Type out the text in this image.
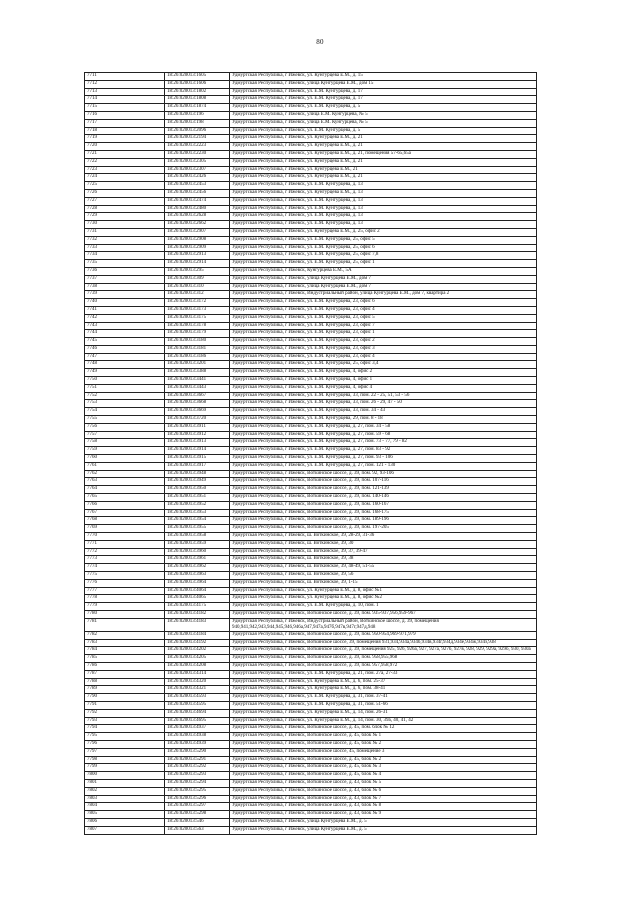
80
7711	18:26:020013:1605	Удмуртская Республика, г Ижевск, ул. Кунгурцева Е.М., д. 15
7712	18:26:020013:1606	Удмуртская Республика, г Ижевск, улица Кунгурцева Е.М., дом 15
7713	18:26:020013:1802	Удмуртская Республика, г Ижевск, ул. Е.М. Кунгурцева, д. 17
7714	18:26:020013:1808	Удмуртская Республика, г Ижевск, ул. Е.М. Кунгурцева, д. 17
7715	18:26:020013:1874	Удмуртская Республика, г Ижевск, ул. Е.М. Кунгурцева, д. 5
7716	18:26:020013:196	Удмуртская Республика, г Ижевск, улица Е.М. Кунгурцева, № 5
7717	18:26:020013:198	Удмуртская Республика, г Ижевск, улица Е.М. Кунгурцева, № 5
7718	18:26:020013:2096	Удмуртская Республика, г Ижевск, ул. Е.М. Кунгурцева, д. 5
7719	18:26:020013:2194	Удмуртская Республика, г Ижевск, ул. Кунгурцева Е.М., д. 21
7720	18:26:020013:2223	Удмуртская Республика, г Ижевск, ул. Кунгурцева Е.М., д. 21
7721	18:26:020013:2230	Удмуртская Республика, г Ижевск, ул. Кунгурцева Е.М., д. 21, помещения 57-65,65а
7722	18:26:020013:2305	Удмуртская Республика, г Ижевск, ул. Кунгурцева Е.М., д. 21
7723	18:26:020013:2307	Удмуртская Республика, г Ижевск, ул. Кунгурцева Е.М., 21
7724	18:26:020013:2426	Удмуртская Республика, г Ижевск, ул. Кунгурцева Е.М., д. 21
7725	18:26:020013:2453	Удмуртская Республика, г Ижевск, ул. Е.М. Кунгурцева, д. 13
7726	18:26:020013:2456	Удмуртская Республика, г Ижевск, ул. Кунгурцева Е.М., д. 13
7727	18:26:020013:2474	Удмуртская Республика, г Ижевск, ул. Е.М. Кунгурцева, д. 13
7728	18:26:020013:2480	Удмуртская Республика, г Ижевск, ул. Е.М. Кунгурцева, д. 13
7729	18:26:020013:2628	Удмуртская Республика, г Ижевск, ул. Е.М. Кунгурцева, д. 13
7730	18:26:020013:2662	Удмуртская Республика, г Ижевск, ул. Е.М. Кунгурцева, д. 13
7731	18:26:020013:2907	Удмуртская Республика, г Ижевск, ул. Кунгурцева Е.М., д. 25, офис 2
7732	18:26:020013:2908	Удмуртская Республика, г Ижевск, ул. Е.М. Кунгурцева, 25, офис 5
7733	18:26:020013:2909	Удмуртская Республика, г Ижевск, ул. Е.М. Кунгурцева, 25, офис 6
7734	18:26:020013:2913	Удмуртская Республика, г Ижевск, ул. Е.М. Кунгурцева, 25, офис 7,8
7735	18:26:020013:2914	Удмуртская Республика, г Ижевск, ул. Е.М. Кунгурцева, 25, офис 1
7736	18:26:020013:295	Удмуртская Республика, г Ижевск, Кунгурцева Е.М., 5А
7737	18:26:020013:309	Удмуртская Республика, г Ижевск, улица Кунгурцева Е.М., дом 7
7738	18:26:020013:310	Удмуртская Республика, г Ижевск, улица Кунгурцева Е.М., дом 7
7739	18:26:020013:312	Удмуртская Республика, г Ижевск, Индустриальный район, улица Кунгурцева Е.М., дом 7, квартира 2
7740	18:26:020013:3172	Удмуртская Республика, г Ижевск, ул. Е.М. Кунгурцева, 23, офис 6
7741	18:26:020013:3173	Удмуртская Республика, г Ижевск, ул. Е.М. Кунгурцева, 23, офис 4
7742	18:26:020013:3175	Удмуртская Республика, г Ижевск, ул. Е.М. Кунгурцева, 23, офис 5
7743	18:26:020013:3178	Удмуртская Республика, г Ижевск, ул. Е.М. Кунгурцева, 23, офис 7
7744	18:26:020013:3179	Удмуртская Республика, г Ижевск, ул. Е.М. Кунгурцева, 23, офис 1
7745	18:26:020013:3180	Удмуртская Республика, г Ижевск, ул. Е.М. Кунгурцева, 23, офис 2
7746	18:26:020013:3181	Удмуртская Республика, г Ижевск, ул. Е.М. Кунгурцева, 23, офис 3
7747	18:26:020013:3186	Удмуртская Республика, г Ижевск, ул. Е.М. Кунгурцева, 23, офис 4
7748	18:26:020013:3201	Удмуртская Республика, г Ижевск, ул. Е.М. Кунгурцева, 25, офис 3,4
7749	18:26:020013:3388	Удмуртская Республика, г Ижевск, ул. Е.М. Кунгурцева, 4, офис 2
7750	18:26:020013:3441	Удмуртская Республика, г Ижевск, ул. Е.М. Кунгурцева, 4, офис 1
7751	18:26:020013:3443	Удмуртская Республика, г Ижевск, ул. Е.М. Кунгурцева, 4, офис 4
7752	18:26:020013:3667	Удмуртская Республика, г Ижевск, ул. Е.М. Кунгурцева, 33, пом. 22 - 25, 51, 53 - 56
7753	18:26:020013:3668	Удмуртская Республика, г Ижевск, ул. Е.М. Кунгурцева, 33, пом. 26 - 29, 47 - 50
7754	18:26:020013:3669	Удмуртская Республика, г Ижевск, ул. Е.М. Кунгурцева, 33, пом. 34 - 43
7755	18:26:020013:3720	Удмуртская Республика, г Ижевск, ул. Е.М. Кунгурцева, 29, пом. 8 - 18
7756	18:26:020013:3911	Удмуртская Республика, г Ижевск, ул. Е.М. Кунгурцева, д. 27, пом. 34 - 58
7757	18:26:020013:3912	Удмуртская Республика, г Ижевск, ул. Е.М. Кунгурцева, д. 27, пом. 59 - 68
7758	18:26:020013:3913	Удмуртская Республика, г Ижевск, ул. Е.М. Кунгурцева, д. 27, пом. 73 - 77, 79 - 82
7759	18:26:020013:3914	Удмуртская Республика, г Ижевск, ул. Е.М. Кунгурцева, д. 27, пом. 83 - 92
7760	18:26:020013:3915	Удмуртская Республика, г Ижевск, ул. Е.М. Кунгурцева, д. 27, пом. 93 - 106
7761	18:26:020013:3917	Удмуртская Республика, г Ижевск, ул. Е.М. Кунгурцева, д. 27, пом. 121 - 130
7762	18:26:020013:3948	Удмуртская Республика, г Ижевск, Воткинское шоссе, д. 39, пом. 92, 93-106
7763	18:26:020013:3949	Удмуртская Республика, г Ижевск, Воткинское шоссе, д. 39, пом. 107-116
7764	18:26:020013:3950	Удмуртская Республика, г Ижевск, Воткинское шоссе, д. 39, пом. 121-139
7765	18:26:020013:3951	Удмуртская Республика, г Ижевск, Воткинское шоссе, д. 39, пом. 140-146
7766	18:26:020013:3952	Удмуртская Республика, г Ижевск, Воткинское шоссе, д. 39, пом. 160-167
7767	18:26:020013:3953	Удмуртская Республика, г Ижевск, Воткинское шоссе, д. 39, пом. 168-175
7768	18:26:020013:3954	Удмуртская Республика, г Ижевск, Воткинское шоссе, д. 39, пом. 189-196
7769	18:26:020013:3955	Удмуртская Республика, г Ижевск, Воткинское шоссе, д. 39, пом. 197-205
7770	18:26:020013:3958	Удмуртская Республика, г Ижевск, ш. Воткинское, 39, 28-29, 31-36
7771	18:26:020013:3959	Удмуртская Республика, г Ижевск, ш. Воткинское, 39, 30
7772	18:26:020013:3960	Удмуртская Республика, г Ижевск, ш. Воткинское, 39, 37, 39-47
7773	18:26:020013:3961	Удмуртская Республика, г Ижевск, ш. Воткинское, 39, 38
7774	18:26:020013:3962	Удмуртская Республика, г Ижевск, ш. Воткинское, 39, 48-49, 51-55
7775	18:26:020013:3963	Удмуртская Республика, г Ижевск, ш. Воткинское, 39, 56
7776	18:26:020013:3964	Удмуртская Республика, г Ижевск, ш. Воткинское, 39, 1-15
7777	18:26:020013:4064	Удмуртская Республика, г Ижевск, ул. Кунгурцева Е.М., д. 8, офис №1
7778	18:26:020013:4065	Удмуртская Республика, г Ижевск, ул. Кунгурцева Е.М., д. 8, офис №2
7779	18:26:020013:4175	Удмуртская Республика, г Ижевск, ул. Е.М. Кунгурцева, д. 10, пом. 1
7780	18:26:020013:4182	Удмуртская Республика, г Ижевск, Воткинское шоссе, д. 39, пом. 935-937,956,959-967
7781	18:26:020013:4183	Удмуртская Республика, г Ижевск, Индустриальный район, Воткинское шоссе, д. 39, помещения 940,941,942,943,944,945,946,946а,947,947а,947б,947в,947г,947д,948
7782	18:26:020013:4184	Удмуртская Республика, г Ижевск, Воткинское шоссе, д. 39, пом. 950-954,969-971,979
7783	18:26:020013:4192	Удмуртская Республика, г Ижевск, Воткинское шоссе, 39, помещения 931,934,934а,934б,934в,934г,934д,934е,934ж,934з,938
7784	18:26:020013:4202	Удмуртская Республика, г Ижевск, Воткинское шоссе, д. 39, помещения 925, 926, 926а, 927, 927а, 927б, 927в, 928, 929, 929а, 929б, 930, 930а
7785	18:26:020013:4205	Удмуртская Республика, г Ижевск, Воткинское шоссе, д. 39, пом. 958,955,968
7786	18:26:020013:4208	Удмуртская Республика, г Ижевск, Воткинское шоссе, д. 39, пом. 957,958,972
7787	18:26:020013:4314	Удмуртская Республика, г Ижевск, ул. Е.М. Кунгурцева, д. 21, пом. 27а, 27-33
7788	18:26:020013:4320	Удмуртская Республика, г Ижевск, ул. Кунгурцева Е.М., д. 6, пом. 25-37
7789	18:26:020013:4321	Удмуртская Республика, г Ижевск, ул. Кунгурцева Е.М., д. 6, пом. 38-41
7790	18:26:020013:4593	Удмуртская Республика, г Ижевск, ул. Е.М. Кунгурцева, д. 31, пом. 37-41
7791	18:26:020013:4595	Удмуртская Республика, г Ижевск, ул. Е.М. Кунгурцева, д. 31, пом. 51-66
7792	18:26:020013:4694	Удмуртская Республика, г Ижевск, ул. Кунгурцева Е.М., д. 14, пом. 26-31
7793	18:26:020013:4695	Удмуртская Республика, г Ижевск, ул. Кунгурцева Е.М., д. 14, пом. 30, 39а, 40, 41, 42
7794	18:26:020013:4937	Удмуртская Республика, г Ижевск, Воткинское шоссе, д. 45, пом. блок № 12
7795	18:26:020013:4938	Удмуртская Республика, г Ижевск, Воткинское шоссе, д. 45, блок № 1
7796	18:26:020013:4939	Удмуртская Республика, г Ижевск, Воткинское шоссе, д. 45, блок № 2
7797	18:26:020013:5290	Удмуртская Республика, г Ижевск, Воткинское шоссе, 45, помещение 3
7798	18:26:020013:5291	Удмуртская Республика, г Ижевск, Воткинское шоссе, д. 45, блок № 2
7799	18:26:020013:5292	Удмуртская Республика, г Ижевск, Воткинское шоссе, д. 45, блок № 3
7800	18:26:020013:5293	Удмуртская Республика, г Ижевск, Воткинское шоссе, д. 45, блок № 4
7801	18:26:020013:5294	Удмуртская Республика, г Ижевск, Воткинское шоссе, д. 43, блок № 5
7802	18:26:020013:5295	Удмуртская Республика, г Ижевск, Воткинское шоссе, д. 43, блок № 6
7803	18:26:020013:5296	Удмуртская Республика, г Ижевск, Воткинское шоссе, д. 43, блок № 7
7804	18:26:020013:5297	Удмуртская Республика, г Ижевск, Воткинское шоссе, д. 43, блок № 8
7805	18:26:020013:5298	Удмуртская Республика, г Ижевск, Воткинское шоссе, д. 43, блок № 9
7806	18:26:020013:546	Удмуртская Республика, г Ижевск, улица Кунгурцева Е.М., д. 5
7807	18:26:020013:563	Удмуртская Республика, г Ижевск, улица Кунгурцева Е.М., д. 5
